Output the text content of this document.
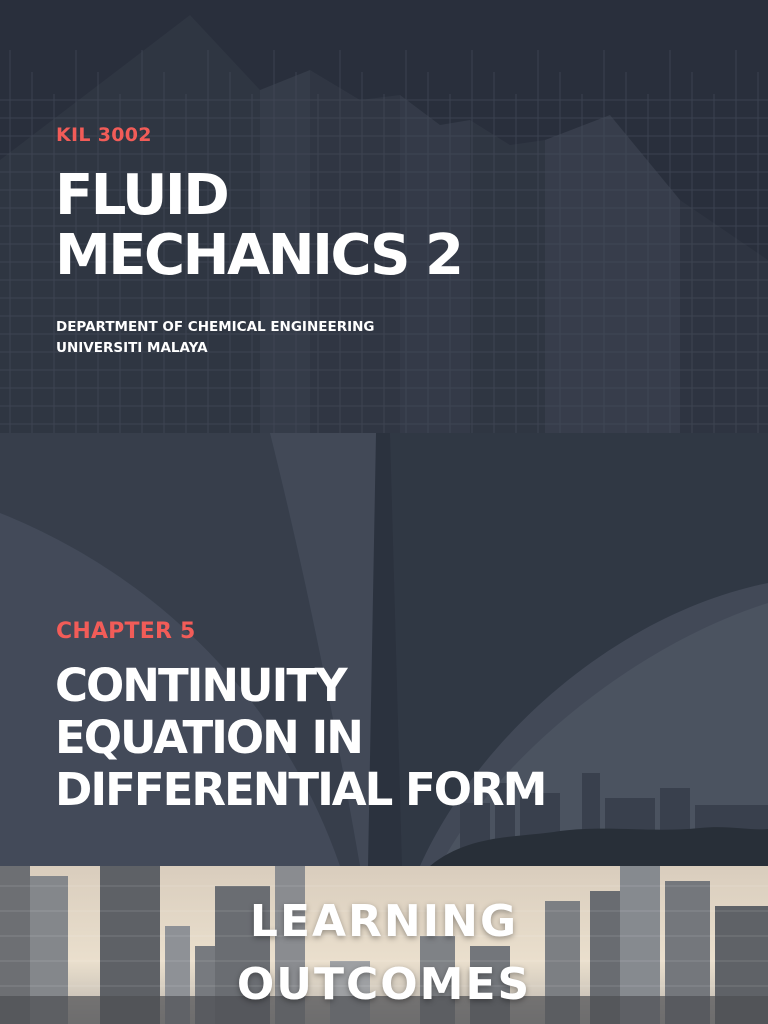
KIL 3002
FLUID
MECHANICS 2
DEPARTMENT OF CHEMICAL ENGINEERING
UNIVERSITI MALAYA
CHAPTER 5
CONTINUITY
EQUATION IN
DIFFERENTIAL FORM
LEARNING
OUTCOMES
